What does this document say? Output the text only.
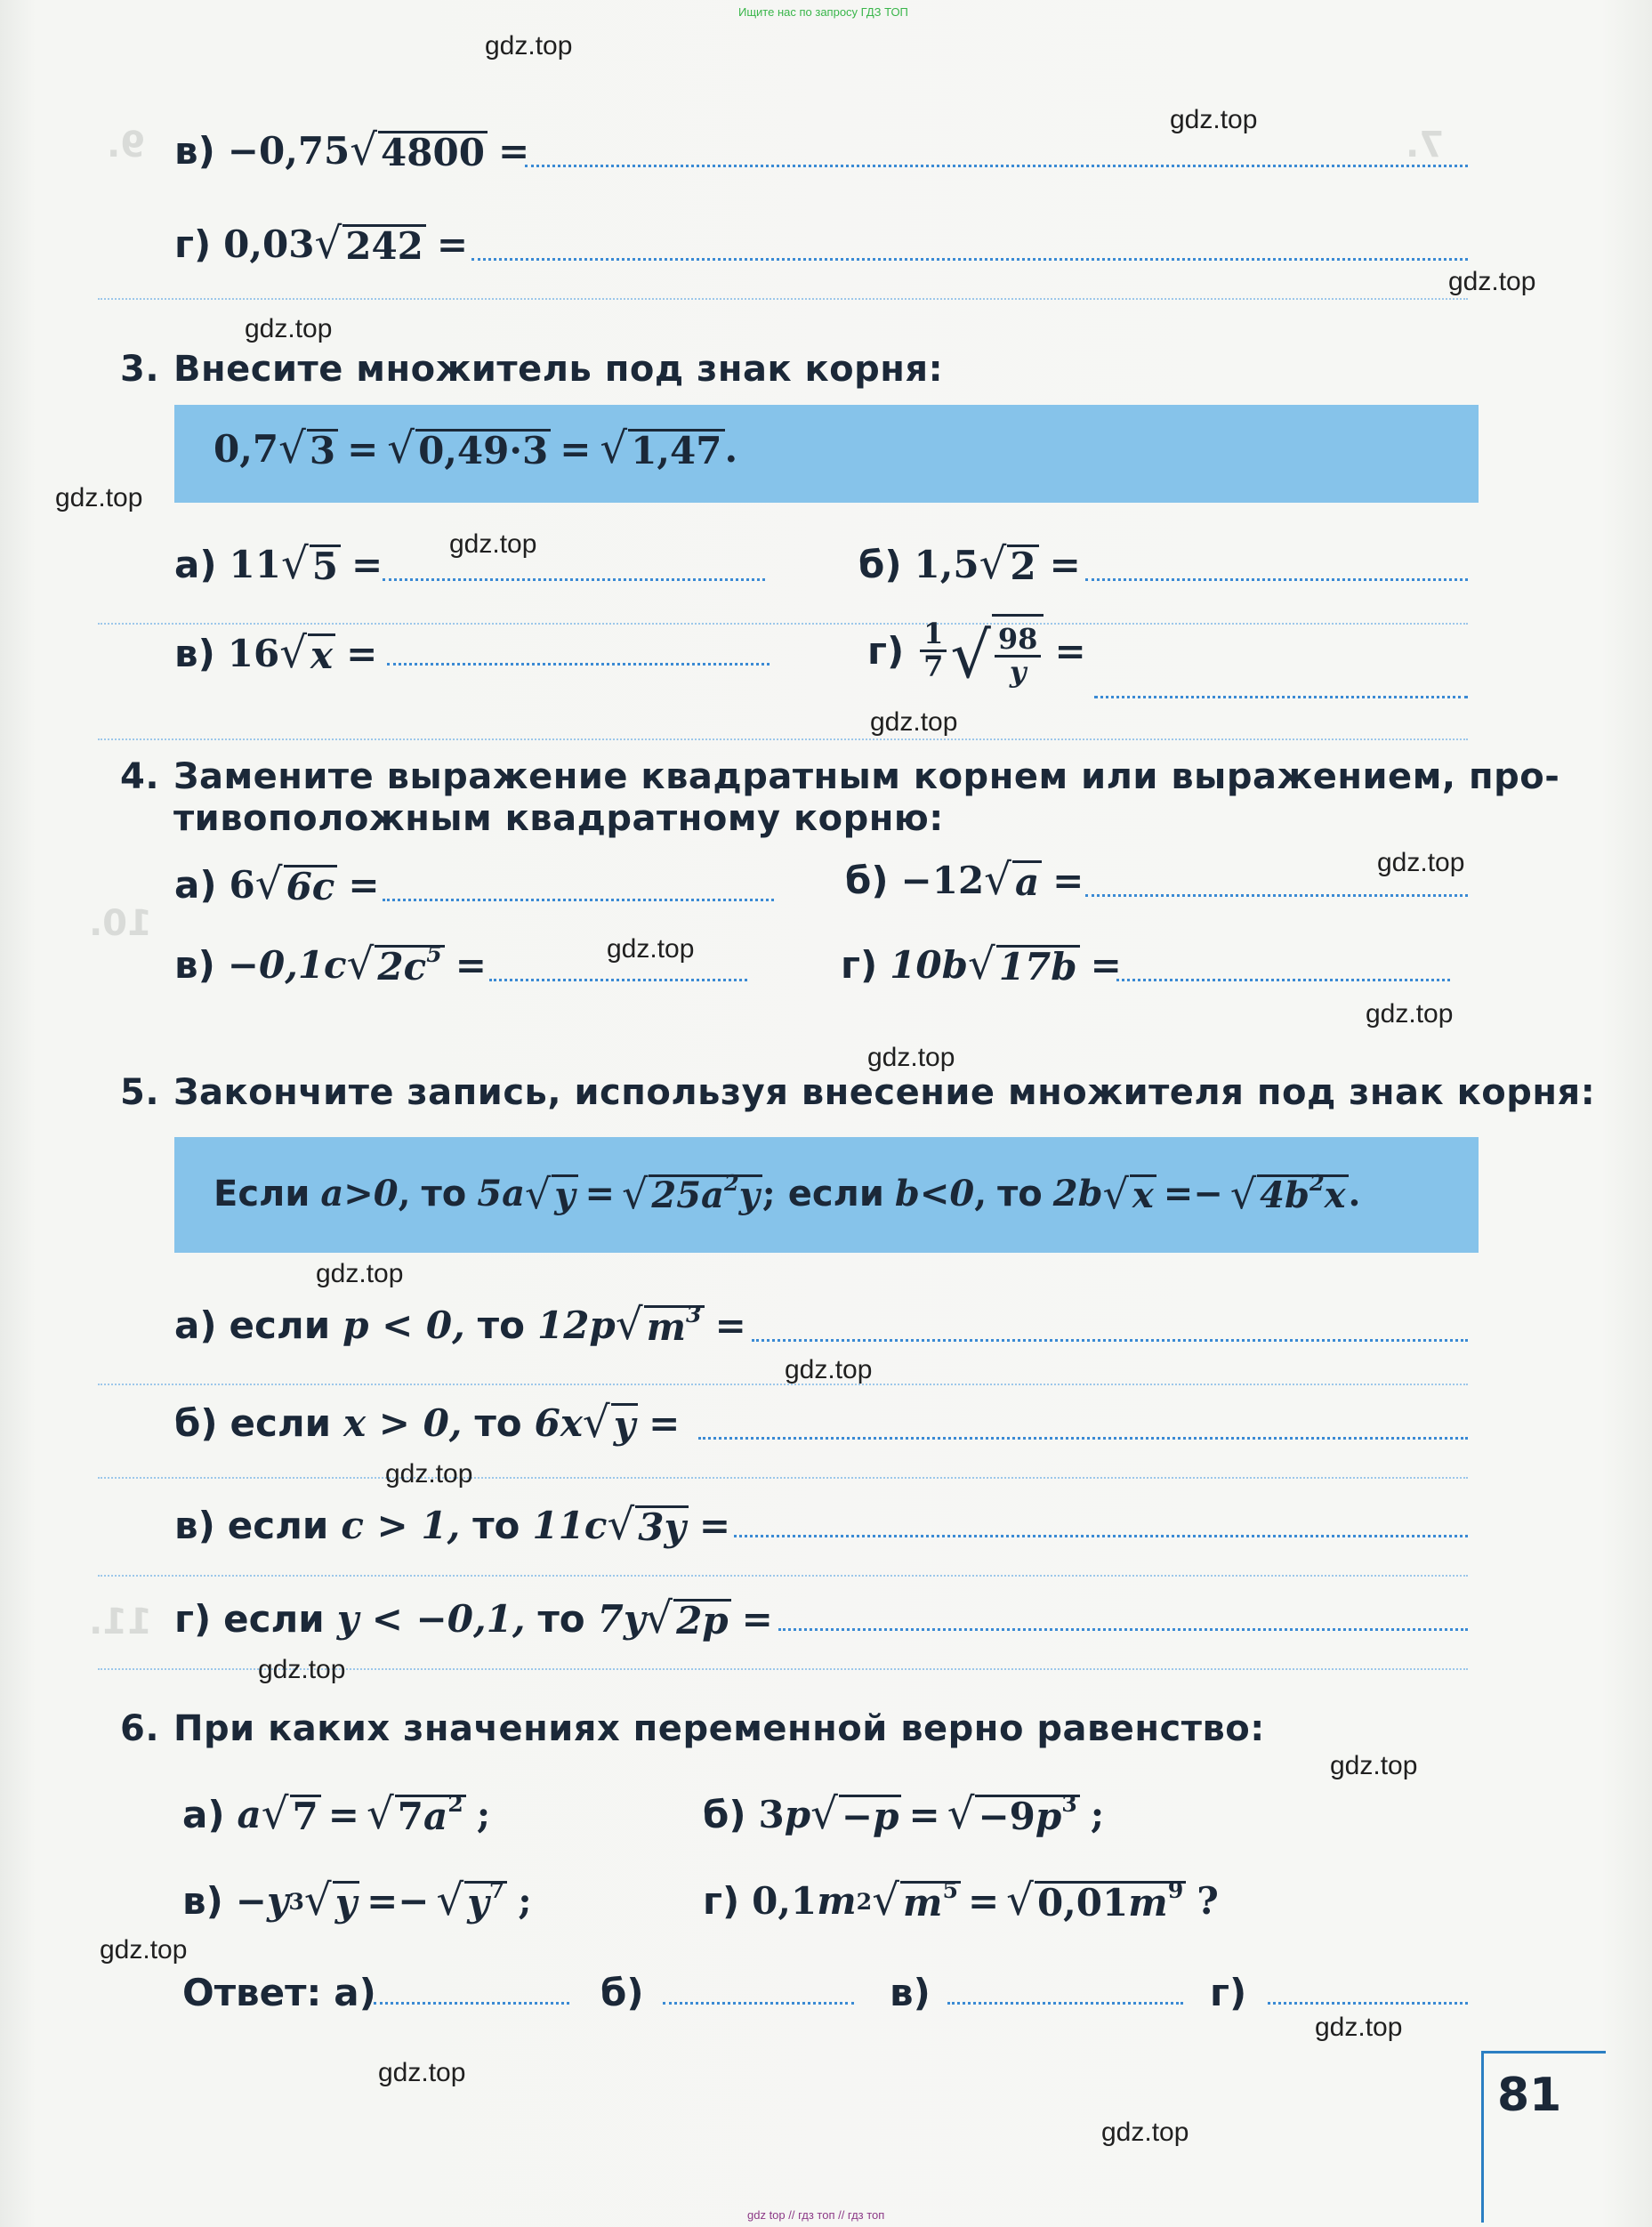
Ищите нас по запросу ГДЗ ТОП
gdz top // гдз топ // гдз топ
9.	7.
10.
11.
в) −0,75 √ 4800 =
г) 0,03 √ 242 =
3. Внесите множитель под знак корня:
0,7 √ 3 = √ 0,49·3 = √ 1,47 .
а) 11 √ 5 =	б) 1,5 √ 2 =
в) 16 √ x =	$г) \frac{1}{7}$ √ $\frac{98}{y}$ =
4. Замените выражение квадратным корнем или выражением, про-
тивоположным квадратному корню:
а) 6 √ 6c =	б) −12 √ a =
в) −0,1c √ $2c^5$ =	г) 10b √ 17b =
5. Закончите запись, используя внесение множителя под знак корня:
Если a>0 , то 5a √ y = √ $25a^2y$ ; если b<0 , то 2b √ x =− √ $4b^2x$ .
а) если p < 0, то 12p √ $m^3$ =
б) если x > 0, то 6x √ y =
в) если c > 1, то 11c √ 3y =
г) если y < −0,1, то 7y √ 2p =
6. При каких значениях переменной верно равенство:
а) a √ 7 = √ $7a^2$ ;	б) 3 p √ −p = √ $-9p^3$ ;
в) − y 3 √ y =− √ $y^7$ ;	г) 0,1 m 2 √ $m^5$ = √ $0,01m^9$ ?
Ответ: а)	б)	в)	г)
81
gdz.top
gdz.top
gdz.top
gdz.top
gdz.top
gdz.top
gdz.top
gdz.top
gdz.top
gdz.top
gdz.top
gdz.top
gdz.top
gdz.top
gdz.top
gdz.top
gdz.top
gdz.top
gdz.top
gdz.top
